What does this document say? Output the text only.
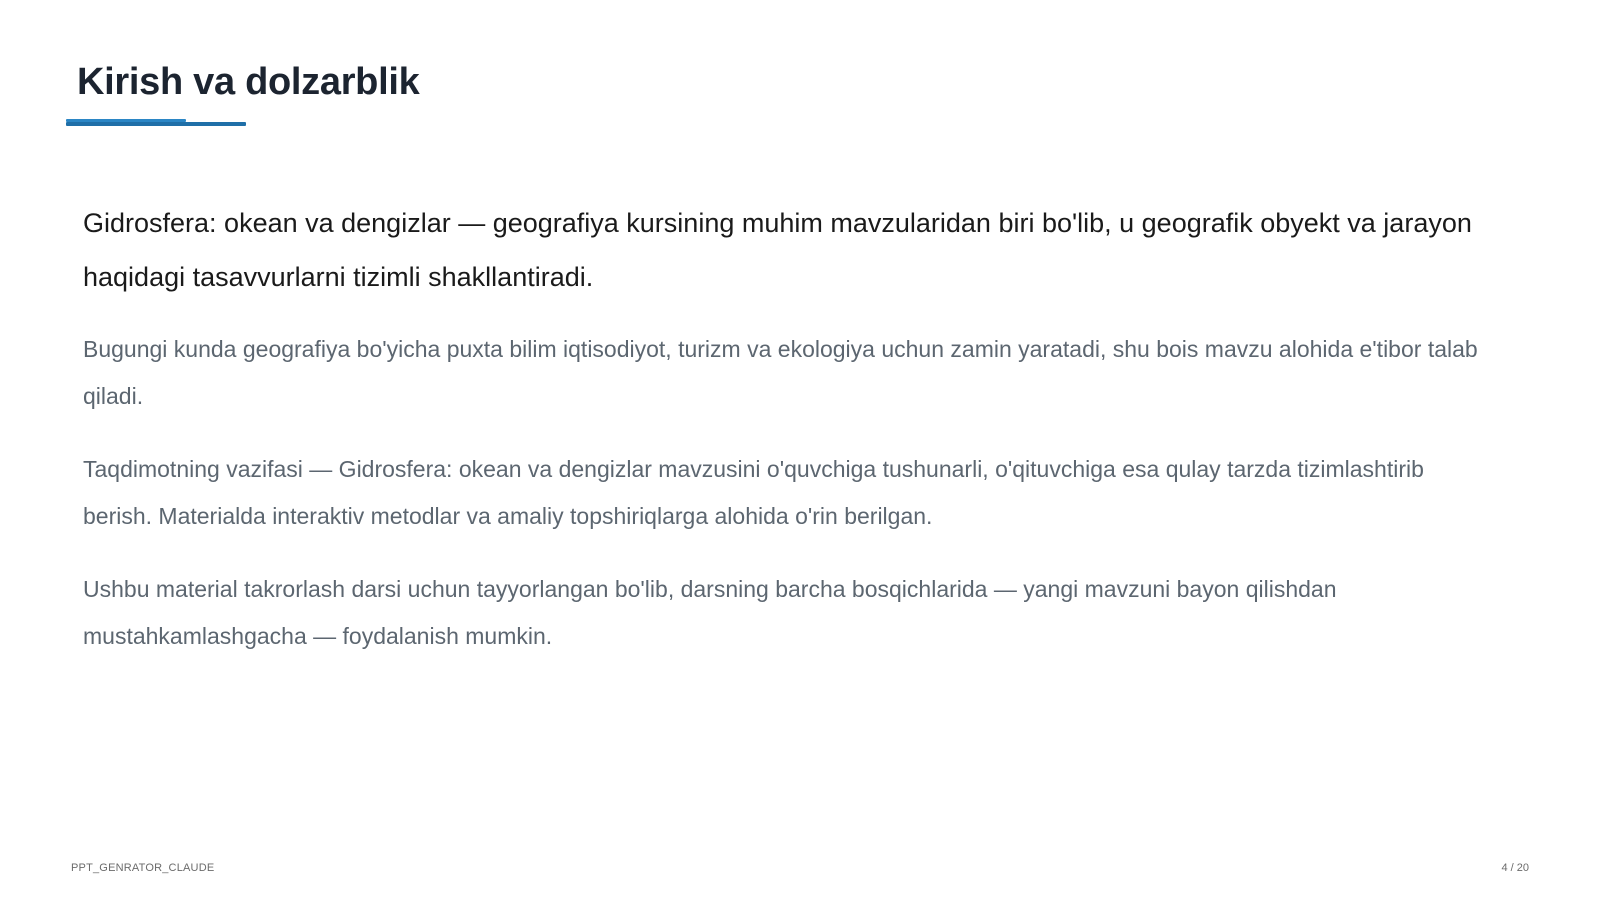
Kirish va dolzarblik

Gidrosfera: okean va dengizlar — geografiya kursining muhim mavzularidan biri bo'lib, u geografik obyekt va jarayon haqidagi tasavvurlarni tizimli shakllantiradi.

Bugungi kunda geografiya bo'yicha puxta bilim iqtisodiyot, turizm va ekologiya uchun zamin yaratadi, shu bois mavzu alohida e'tibor talab qiladi.

Taqdimotning vazifasi — Gidrosfera: okean va dengizlar mavzusini o'quvchiga tushunarli, o'qituvchiga esa qulay tarzda tizimlashtirib berish. Materialda interaktiv metodlar va amaliy topshiriqlarga alohida o'rin berilgan.

Ushbu material takrorlash darsi uchun tayyorlangan bo'lib, darsning barcha bosqichlarida — yangi mavzuni bayon qilishdan mustahkamlashgacha — foydalanish mumkin.

PPT_GENRATOR_CLAUDE	4 / 20
